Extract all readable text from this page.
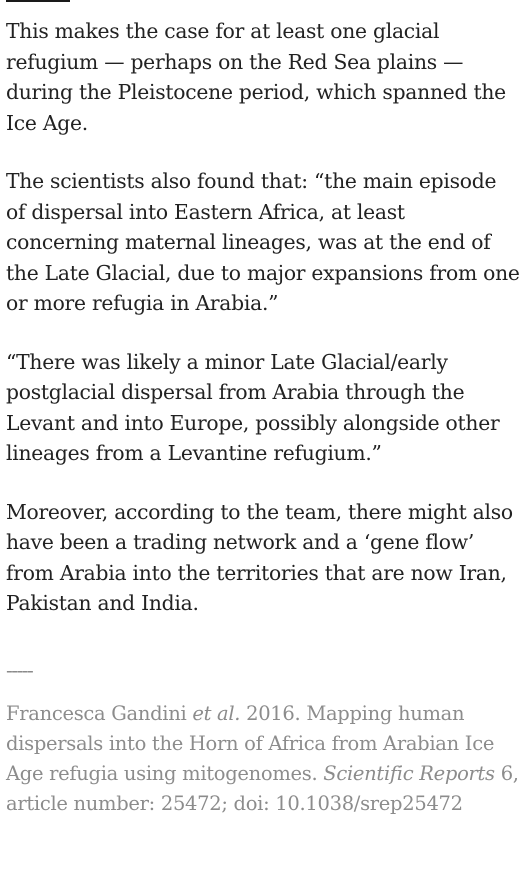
This makes the case for at least one glacial refugium — perhaps on the Red Sea plains — during the Pleistocene period, which spanned the Ice Age.

The scientists also found that: “the main episode of dispersal into Eastern Africa, at least concerning maternal lineages, was at the end of the Late Glacial, due to major expansions from one or more refugia in Arabia.”

“There was likely a minor Late Glacial/early postglacial dispersal from Arabia through the Levant and into Europe, possibly alongside other lineages from a Levantine refugium.”

Moreover, according to the team, there might also have been a trading network and a ‘gene flow’ from Arabia into the territories that are now Iran, Pakistan and India.

-----
Francesca Gandini et al. 2016. Mapping human dispersals into the Horn of Africa from Arabian Ice Age refugia using mitogenomes. Scientific Reports 6, article number: 25472; doi: 10.1038/srep25472
